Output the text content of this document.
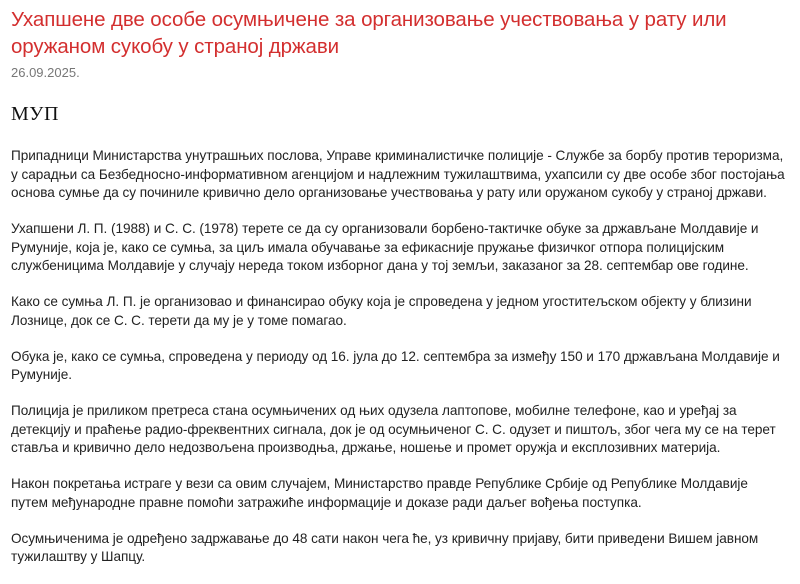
Ухапшене две особе осумњичене за организовање учествовања у рату или оружаном сукобу у страној држави
26.09.2025.
МУП

Припадници Министарства унутрашњих послова, Управе криминалистичке полиције - Службе за борбу против тероризма, у сарадњи са Безбедносно-информативном агенцијом и надлежним тужилаштвима, ухапсили су две особе због постојања основа сумње да су починиле кривично дело организовање учествовања у рату или оружаном сукобу у страној држави.

Ухапшени Л. П. (1988) и С. С. (1978) терете се да су организовали борбено-тактичке обуке за држављане Молдавије и Румуније, која је, како се сумња, за циљ имала обучавање за ефикасније пружање физичког отпора полицијским службеницима Молдавије у случају нереда током изборног дана у тој земљи, заказаног за 28. септембар ове године.

Како се сумња Л. П. је организовао и финансирао обуку која је спроведена у једном угоститељском објекту у близини Лознице, док се С. С. терети да му је у томе помагао.

Обука је, како се сумња, спроведена у периоду од 16. јула до 12. септембра за између 150 и 170 држављана Молдавије и Румуније.

Полиција је приликом претреса стана осумњичених од њих одузела лаптопове, мобилне телефоне, као и уређај за детекцију и праћење радио-фреквентних сигнала, док је од осумњиченог С. С. одузет и пиштољ, због чега му се на терет ставља и кривично дело недозвољена производња, држање, ношење и промет оружја и експлозивних материја.

Након покретања истраге у вези са овим случајем, Министарство правде Републике Србије од Републике Молдавије путем међународне правне помоћи затражиће информације и доказе ради даљег вођења поступка.

Осумњиченима је одређено задржавање до 48 сати након чега ће, уз кривичну пријаву, бити приведени Вишем јавном тужилаштву у Шапцу.
